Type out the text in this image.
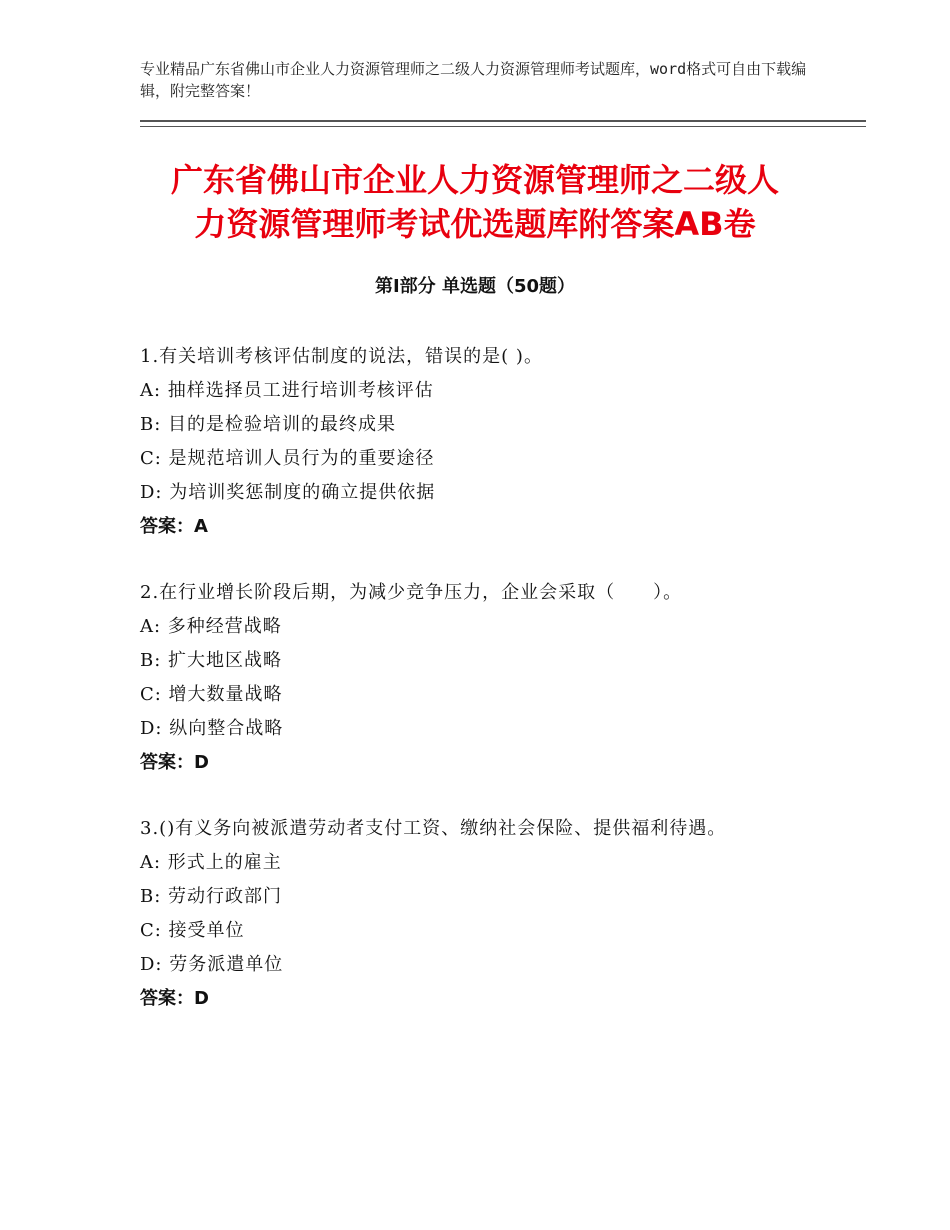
专业精品广东省佛山市企业人力资源管理师之二级人力资源管理师考试题库，word格式可自由下载编辑，附完整答案！
广东省佛山市企业人力资源管理师之二级人
力资源管理师考试优选题库附答案AB卷
第Ⅰ部分 单选题（50题）
1.有关培训考核评估制度的说法，错误的是( )。
A: 抽样选择员工进行培训考核评估
B: 目的是检验培训的最终成果
C: 是规范培训人员行为的重要途径
D: 为培训奖惩制度的确立提供依据
答案：A
2.在行业增长阶段后期，为减少竞争压力，企业会采取（　　）。
A: 多种经营战略
B: 扩大地区战略
C: 增大数量战略
D: 纵向整合战略
答案：D
3.()有义务向被派遣劳动者支付工资、缴纳社会保险、提供福利待遇。
A: 形式上的雇主
B: 劳动行政部门
C: 接受单位
D: 劳务派遣单位
答案：D
